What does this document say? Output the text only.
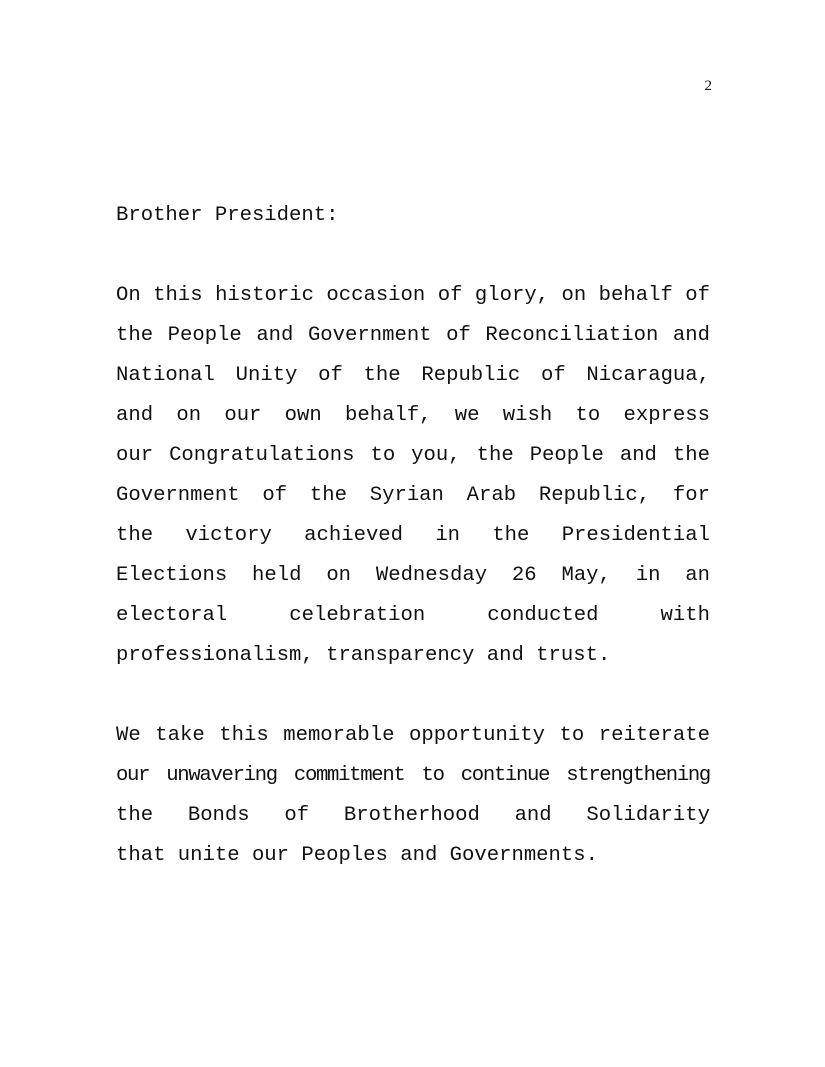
2
Brother President:
On this historic occasion of glory, on behalf of
the People and Government of Reconciliation and
National Unity of the Republic of Nicaragua,
and on our own behalf, we wish to express
our Congratulations to you, the People and the
Government of the Syrian Arab Republic, for
the victory achieved in the Presidential
Elections held on Wednesday 26 May, in an
electoral celebration conducted with
professionalism, transparency and trust.
We take this memorable opportunity to reiterate
our unwavering commitment to continue strengthening
the Bonds of Brotherhood and Solidarity
that unite our Peoples and Governments.
